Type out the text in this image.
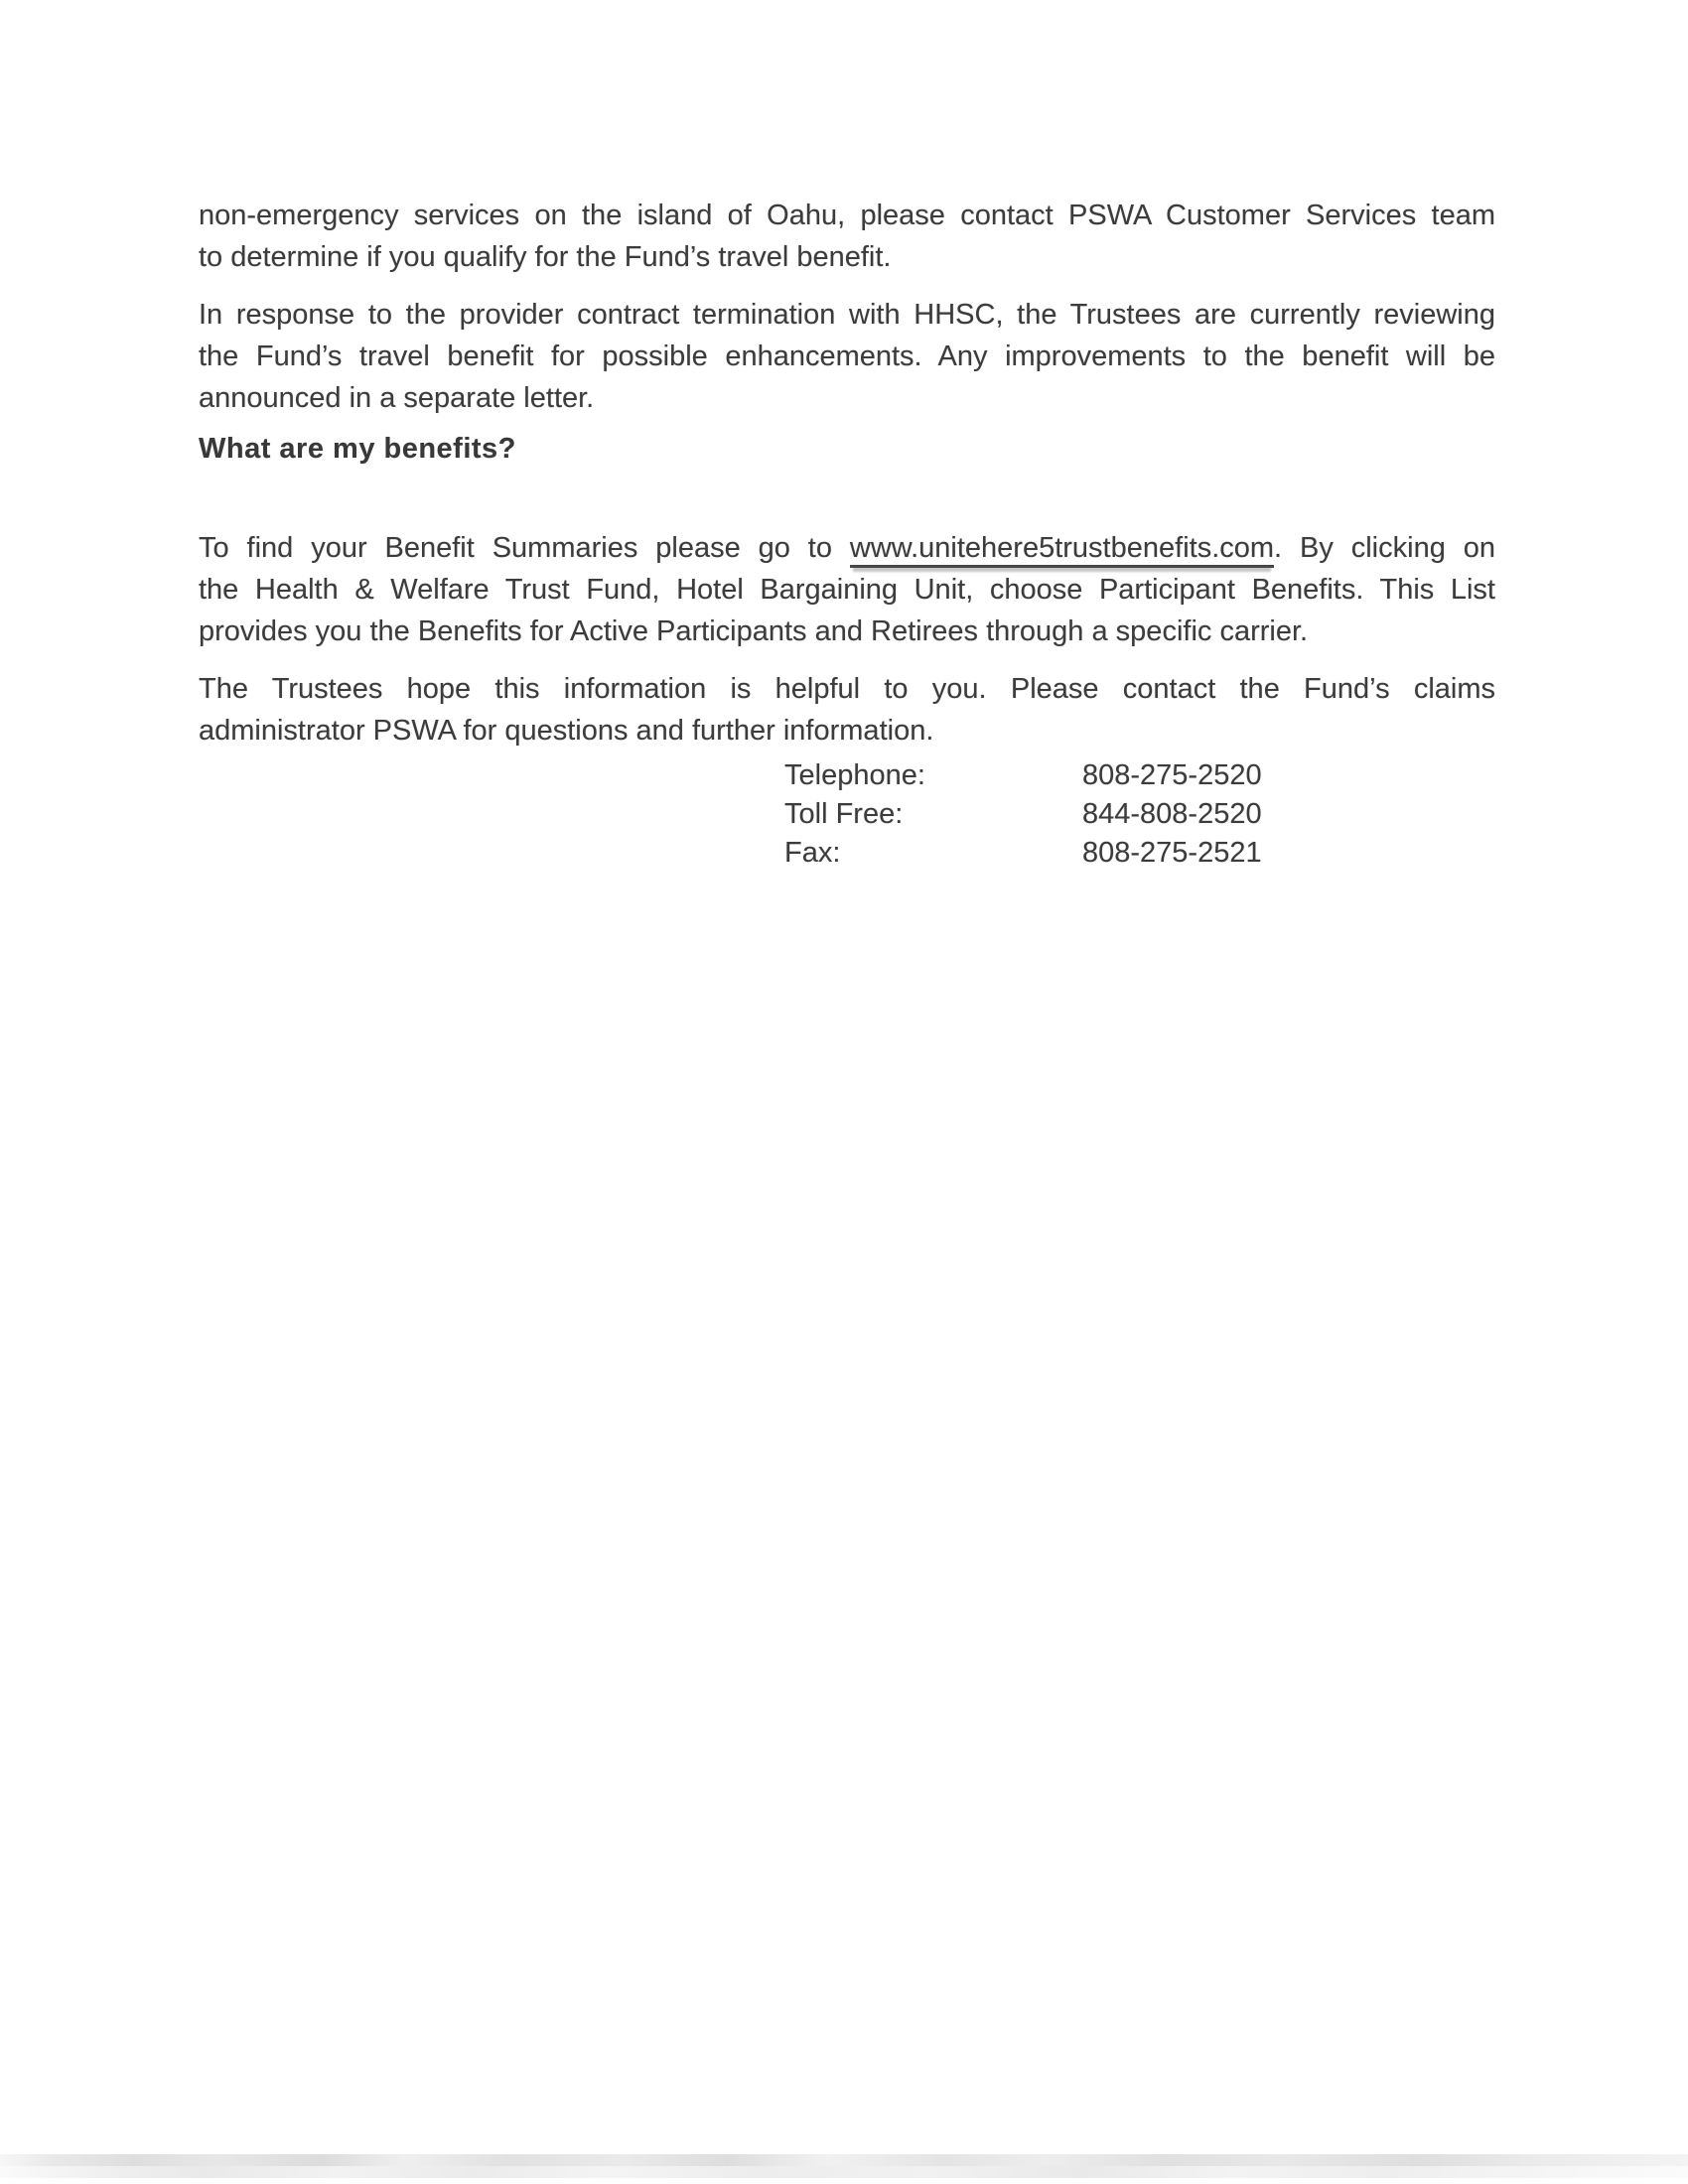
non-emergency services on the island of Oahu, please contact PSWA Customer Services team
to determine if you qualify for the Fund’s travel benefit.
In response to the provider contract termination with HHSC, the Trustees are currently reviewing
the Fund’s travel benefit for possible enhancements. Any improvements to the benefit will be
announced in a separate letter.
What are my benefits?
To find your Benefit Summaries please go to www.unitehere5trustbenefits.com. By clicking on
the Health & Welfare Trust Fund, Hotel Bargaining Unit, choose Participant Benefits. This List
provides you the Benefits for Active Participants and Retirees through a specific carrier.
The Trustees hope this information is helpful to you. Please contact the Fund’s claims
administrator PSWA for questions and further information.
Telephone:	808-275-2520
Toll Free:	844-808-2520
Fax:	808-275-2521
